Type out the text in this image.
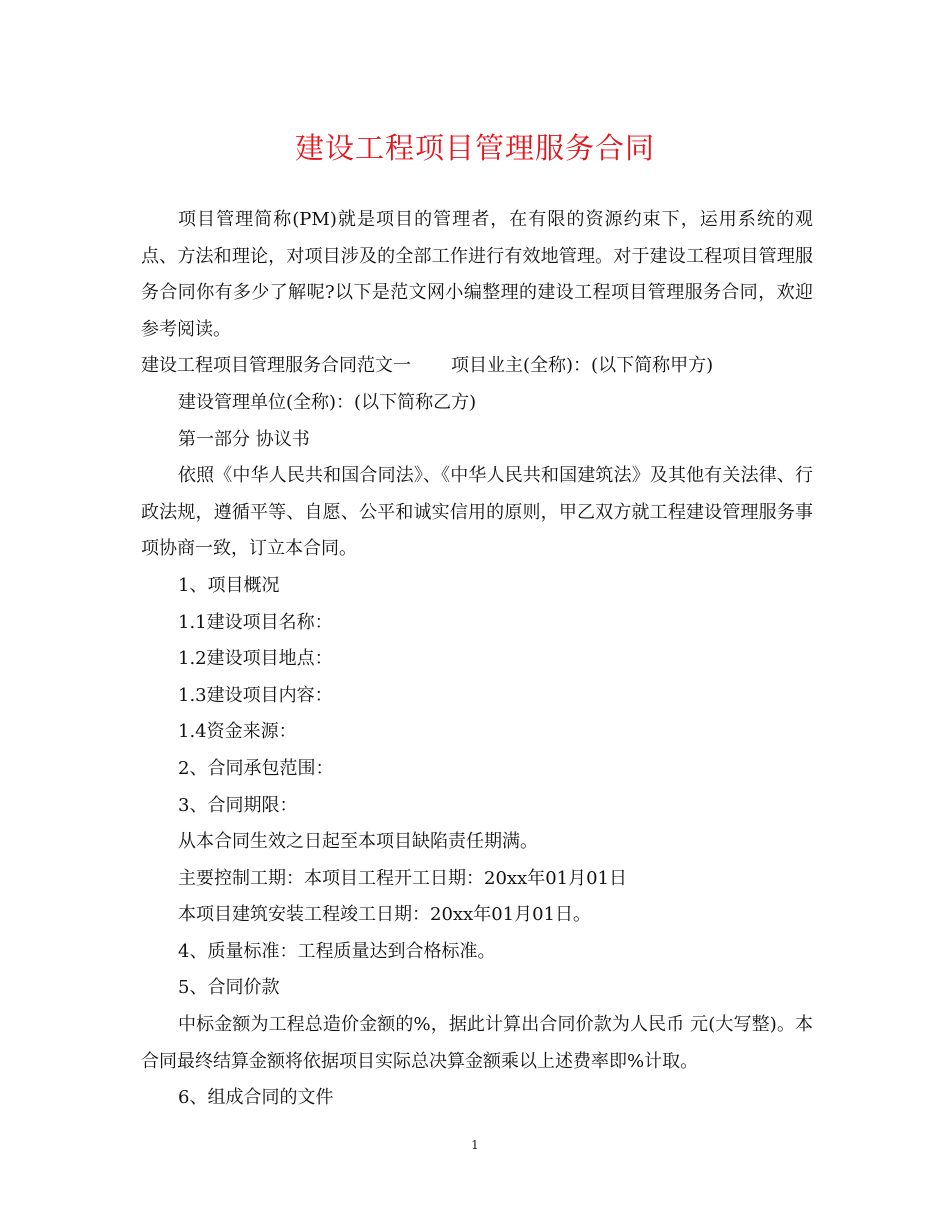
建设工程项目管理服务合同

项目管理简称(PM)就是项目的管理者，在有限的资源约束下，运用系统的观点、方法和理论，对项目涉及的全部工作进行有效地管理。对于建设工程项目管理服务合同你有多少了解呢?以下是范文网小编整理的建设工程项目管理服务合同，欢迎参考阅读。

建设工程项目管理服务合同范文一 项目业主(全称)：(以下简称甲方)

建设管理单位(全称)：(以下简称乙方)

第一部分 协议书

依照《中华人民共和国合同法》、《中华人民共和国建筑法》及其他有关法律、行政法规，遵循平等、自愿、公平和诚实信用的原则，甲乙双方就工程建设管理服务事项协商一致，订立本合同。

1、项目概况

1.1建设项目名称：

1.2建设项目地点：

1.3建设项目内容：

1.4资金来源：

2、合同承包范围：

3、合同期限：

从本合同生效之日起至本项目缺陷责任期满。

主要控制工期：本项目工程开工日期：20xx年01月01日

本项目建筑安装工程竣工日期：20xx年01月01日。

4、质量标准：工程质量达到合格标准。

5、合同价款

中标金额为工程总造价金额的%，据此计算出合同价款为人民币 元(大写整)。本合同最终结算金额将依据项目实际总决算金额乘以上述费率即%计取。

6、组成合同的文件

1
